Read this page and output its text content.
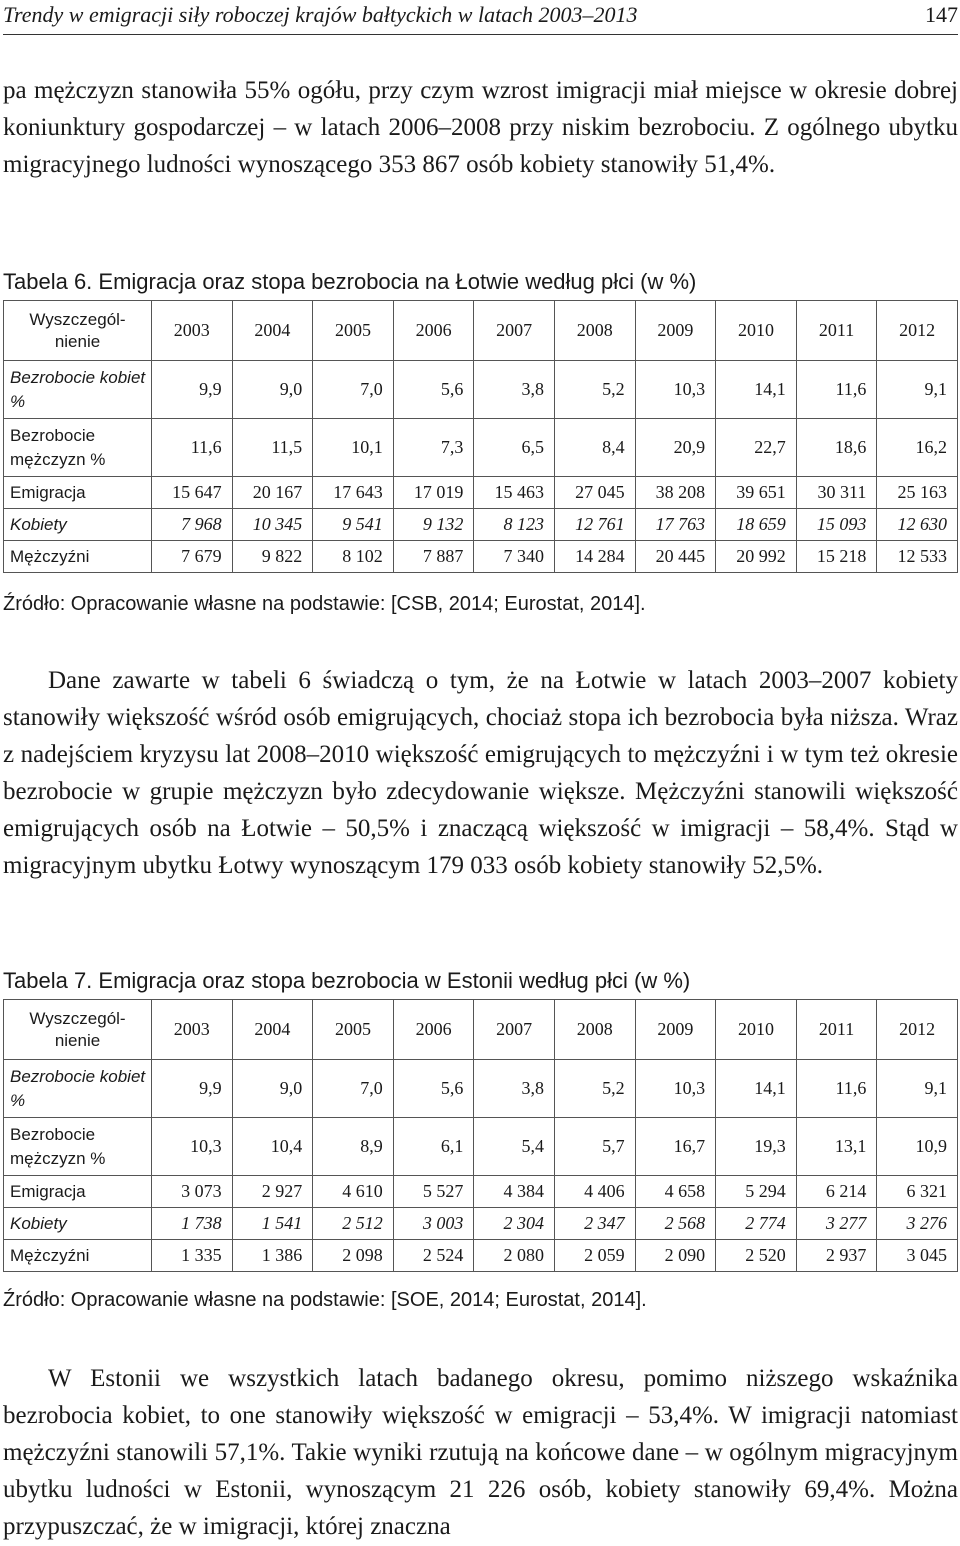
Trendy w emigracji siły roboczej krajów bałtyckich w latach 2003–2013	147

pa mężczyzn stanowiła 55% ogółu, przy czym wzrost imigracji miał miejsce w okresie dobrej koniunktury gospodarczej – w latach 2006–2008 przy niskim bezrobociu. Z ogólnego ubytku migracyjnego ludności wynoszącego 353 867 osób kobiety stanowiły 51,4%.

Tabela 6. Emigracja oraz stopa bezrobocia na Łotwie według płci (w %)
Wyszczegól-nienie	2003	2004	2005	2006	2007	2008	2009	2010	2011	2012
Bezrobocie kobiet %	9,9	9,0	7,0	5,6	3,8	5,2	10,3	14,1	11,6	9,1
Bezrobocie mężczyzn %	11,6	11,5	10,1	7,3	6,5	8,4	20,9	22,7	18,6	16,2
Emigracja	15 647	20 167	17 643	17 019	15 463	27 045	38 208	39 651	30 311	25 163
Kobiety	7 968	10 345	9 541	9 132	8 123	12 761	17 763	18 659	15 093	12 630
Mężczyźni	7 679	9 822	8 102	7 887	7 340	14 284	20 445	20 992	15 218	12 533
Źródło: Opracowanie własne na podstawie: [CSB, 2014; Eurostat, 2014].

Dane zawarte w tabeli 6 świadczą o tym, że na Łotwie w latach 2003–2007 kobiety stanowiły większość wśród osób emigrujących, chociaż stopa ich bezrobocia była niższa. Wraz z nadejściem kryzysu lat 2008–2010 większość emigrujących to mężczyźni i w tym też okresie bezrobocie w grupie mężczyzn było zdecydowanie większe. Mężczyźni stanowili większość emigrujących osób na Łotwie – 50,5% i znaczącą większość w imigracji – 58,4%. Stąd w migracyjnym ubytku Łotwy wynoszącym 179 033 osób kobiety stanowiły 52,5%.

Tabela 7. Emigracja oraz stopa bezrobocia w Estonii według płci (w %)
Wyszczegól-nienie	2003	2004	2005	2006	2007	2008	2009	2010	2011	2012
Bezrobocie kobiet %	9,9	9,0	7,0	5,6	3,8	5,2	10,3	14,1	11,6	9,1
Bezrobocie mężczyzn %	10,3	10,4	8,9	6,1	5,4	5,7	16,7	19,3	13,1	10,9
Emigracja	3 073	2 927	4 610	5 527	4 384	4 406	4 658	5 294	6 214	6 321
Kobiety	1 738	1 541	2 512	3 003	2 304	2 347	2 568	2 774	3 277	3 276
Mężczyźni	1 335	1 386	2 098	2 524	2 080	2 059	2 090	2 520	2 937	3 045
Źródło: Opracowanie własne na podstawie: [SOE, 2014; Eurostat, 2014].

W Estonii we wszystkich latach badanego okresu, pomimo niższego wskaźnika bezrobocia kobiet, to one stanowiły większość w emigracji – 53,4%. W imigracji natomiast mężczyźni stanowili 57,1%. Takie wyniki rzutują na końcowe dane – w ogólnym migracyjnym ubytku ludności w Estonii, wynoszącym 21 226 osób, kobiety stanowiły 69,4%. Można przypuszczać, że w imigracji, której znaczna
